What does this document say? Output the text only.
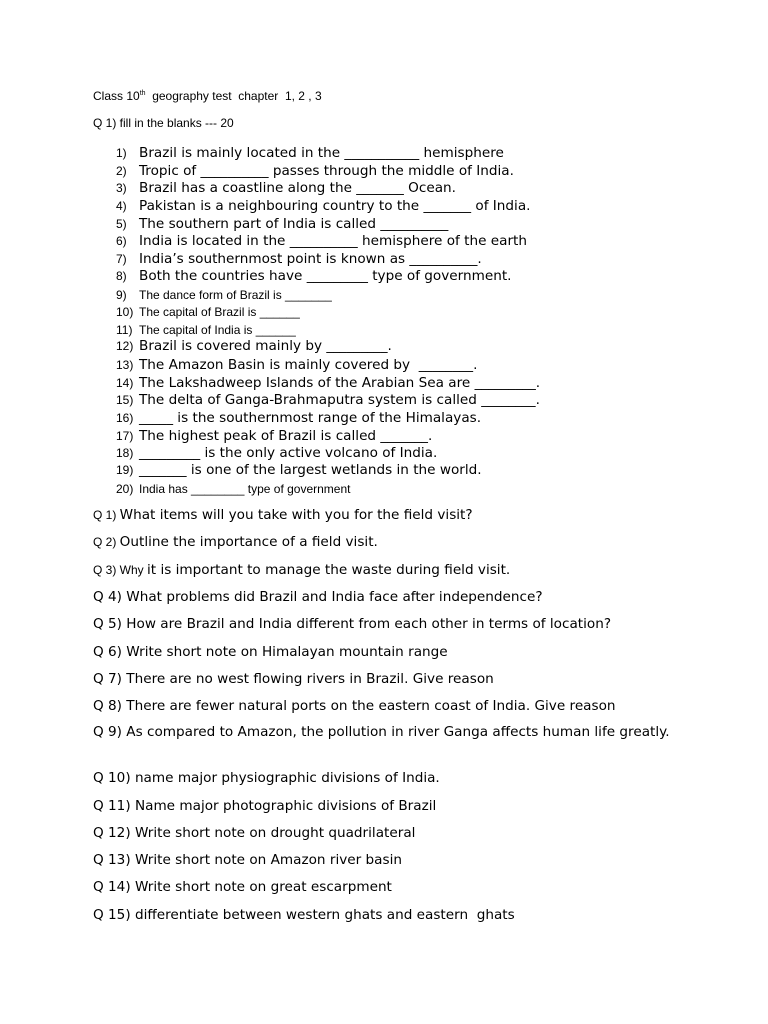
Class 10th  geography test  chapter  1, 2 , 3
Q 1) fill in the blanks --- 20
1) Brazil is mainly located in the ___________ hemisphere
2) Tropic of __________ passes through the middle of India.
3) Brazil has a coastline along the _______ Ocean.
4) Pakistan is a neighbouring country to the _______ of India.
5) The southern part of India is called __________
6) India is located in the __________ hemisphere of the earth
7) India’s southernmost point is known as __________.
8) Both the countries have _________ type of government.
9) The dance form of Brazil is _______
10) The capital of Brazil is ______
11) The capital of India is ______
12) Brazil is covered mainly by _________.
13) The Amazon Basin is mainly covered by  ________.
14) The Lakshadweep Islands of the Arabian Sea are _________.
15) The delta of Ganga-Brahmaputra system is called ________.
16) _____ is the southernmost range of the Himalayas.
17) The highest peak of Brazil is called _______.
18) _________ is the only active volcano of India.
19) _______ is one of the largest wetlands in the world.
20) India has ________ type of government
Q 1) What items will you take with you for the field visit?
Q 2) Outline the importance of a field visit.
Q 3) Why it is important to manage the waste during field visit.
Q 4) What problems did Brazil and India face after independence?
Q 5) How are Brazil and India different from each other in terms of location?
Q 6) Write short note on Himalayan mountain range
Q 7) There are no west flowing rivers in Brazil. Give reason
Q 8) There are fewer natural ports on the eastern coast of India. Give reason
Q 9) As compared to Amazon, the pollution in river Ganga affects human life greatly.
Q 10) name major physiographic divisions of India.
Q 11) Name major photographic divisions of Brazil
Q 12) Write short note on drought quadrilateral
Q 13) Write short note on Amazon river basin
Q 14) Write short note on great escarpment
Q 15) differentiate between western ghats and eastern  ghats
